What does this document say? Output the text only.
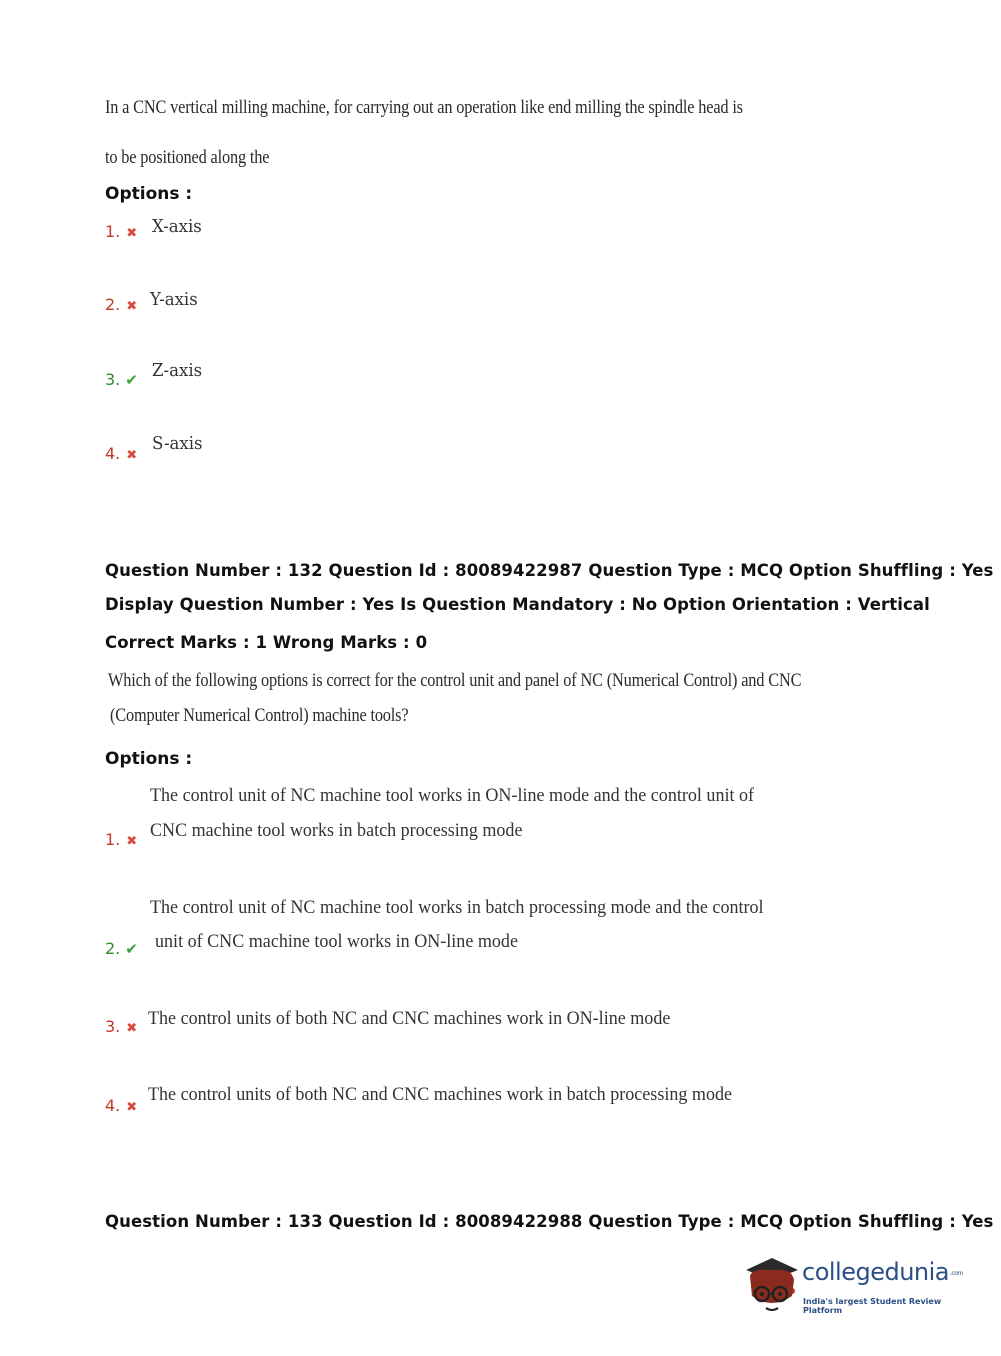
In a CNC vertical milling machine, for carrying out an operation like end milling the spindle head is
to be positioned along the
Options :
1. ✖ X-axis
2. ✖ Y-axis
3. ✔ Z-axis
4. ✖
S-axis
Question Number : 132 Question Id : 80089422987 Question Type : MCQ Option Shuffling : Yes
Display Question Number : Yes Is Question Mandatory : No Option Orientation : Vertical
Correct Marks : 1 Wrong Marks : 0
Which of the following options is correct for the control unit and panel of NC (Numerical Control) and CNC
(Computer Numerical Control) machine tools?
Options :
The control unit of NC machine tool works in ON-line mode and the control unit of
1. ✖
CNC machine tool works in batch processing mode
The control unit of NC machine tool works in batch processing mode and the control
2. ✔ unit of CNC machine tool works in ON-line mode
3. ✖ The control units of both NC and CNC machines work in ON-line mode
4. ✖
The control units of both NC and CNC machines work in batch processing mode
Question Number : 133 Question Id : 80089422988 Question Type : MCQ Option Shuffling : Yes
collegedunia.com
India's largest Student Review Platform
